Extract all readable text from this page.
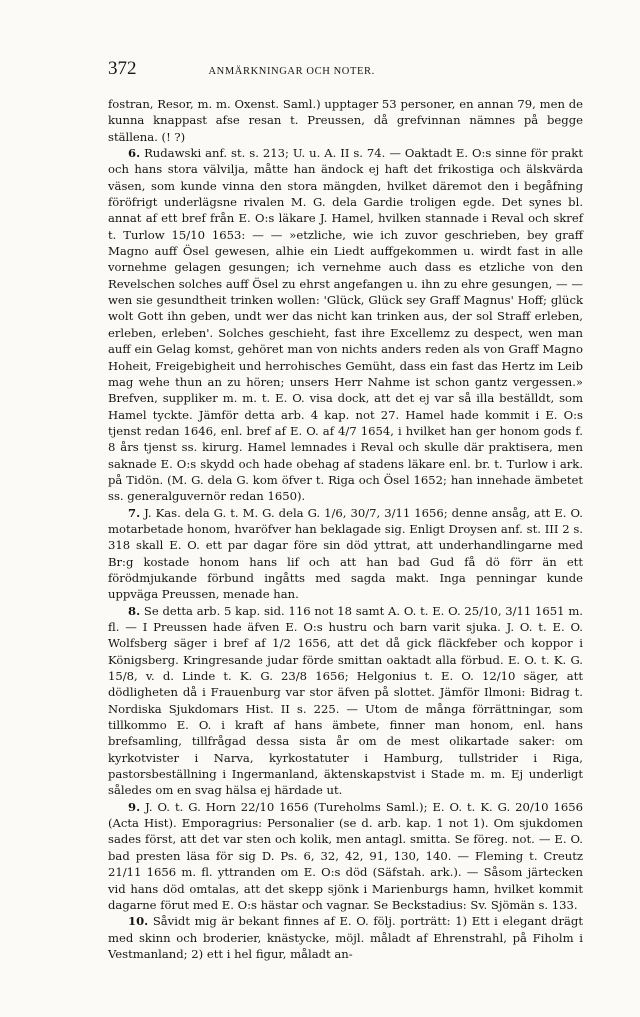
372	ANMÄRKNINGAR OCH NOTER.

fostran, Resor, m. m. Oxenst. Saml.) upptager 53 personer, en annan 79, men de kunna knappast afse resan t. Preussen, då grefvinnan nämnes på begge ställena. (! ?)

6. Rudawski anf. st. s. 213; U. u. A. II s. 74. — Oaktadt E. O:s sinne för prakt och hans stora välvilja, måtte han ändock ej haft det frikostiga och älskvärda väsen, som kunde vinna den stora mängden, hvilket däremot den i begåfning föröfrigt underlägsne rivalen M. G. dela Gardie troligen egde. Det synes bl. annat af ett bref från E. O:s läkare J. Hamel, hvilken stannade i Reval och skref t. Turlow 15/10 1653: — — »etzliche, wie ich zuvor geschrieben, bey graff Magno auff Ösel gewesen, alhie ein Liedt auffgekommen u. wirdt fast in alle vornehme gelagen gesungen; ich vernehme auch dass es etzliche von den Revelschen solches auff Ösel zu ehrst angefangen u. ihn zu ehre gesungen, — — wen sie gesundtheit trinken wollen: 'Glück, Glück sey Graff Magnus' Hoff; glück wolt Gott ihn geben, undt wer das nicht kan trinken aus, der sol Straff erleben, erleben, erleben'. Solches geschieht, fast ihre Excellemz zu despect, wen man auff ein Gelag komst, gehöret man von nichts anders reden als von Graff Magno Hoheit, Freigebigheit und herrohisches Gemüht, dass ein fast das Hertz im Leib mag wehe thun an zu hören; unsers Herr Nahme ist schon gantz vergessen.» Brefven, suppliker m. m. t. E. O. visa dock, att det ej var så illa beställdt, som Hamel tyckte. Jämför detta arb. 4 kap. not 27. Hamel hade kommit i E. O:s tjenst redan 1646, enl. bref af E. O. af 4/7 1654, i hvilket han ger honom gods f. 8 års tjenst ss. kirurg. Hamel lemnades i Reval och skulle där praktisera, men saknade E. O:s skydd och hade obehag af stadens läkare enl. br. t. Turlow i ark. på Tidön. (M. G. dela G. kom öfver t. Riga och Ösel 1652; han innehade ämbetet ss. generalguvernör redan 1650).

7. J. Kas. dela G. t. M. G. dela G. 1/6, 30/7, 3/11 1656; denne ansåg, att E. O. motarbetade honom, hvaröfver han beklagade sig. Enligt Droysen anf. st. III 2 s. 318 skall E. O. ett par dagar före sin död yttrat, att underhandlingarne med Br:g kostade honom hans lif och att han bad Gud få dö förr än ett förödmjukande förbund ingåtts med sagda makt. Inga penningar kunde uppväga Preussen, menade han.

8. Se detta arb. 5 kap. sid. 116 not 18 samt A. O. t. E. O. 25/10, 3/11 1651 m. fl. — I Preussen hade äfven E. O:s hustru och barn varit sjuka. J. O. t. E. O. Wolfsberg säger i bref af 1/2 1656, att det då gick fläckfeber och koppor i Königsberg. Kringresande judar förde smittan oaktadt alla förbud. E. O. t. K. G. 15/8, v. d. Linde t. K. G. 23/8 1656; Helgonius t. E. O. 12/10 säger, att dödligheten då i Frauenburg var stor äfven på slottet. Jämför Ilmoni: Bidrag t. Nordiska Sjukdomars Hist. II s. 225. — Utom de många förrättningar, som tillkommo E. O. i kraft af hans ämbete, finner man honom, enl. hans brefsamling, tillfrågad dessa sista år om de mest olikartade saker: om kyrkotvister i Narva, kyrkostatuter i Hamburg, tullstrider i Riga, pastorsbeställning i Ingermanland, äktenskapstvist i Stade m. m. Ej underligt således om en svag hälsa ej härdade ut.

9. J. O. t. G. Horn 22/10 1656 (Tureholms Saml.); E. O. t. K. G. 20/10 1656 (Acta Hist). Emporagrius: Personalier (se d. arb. kap. 1 not 1). Om sjukdomen sades först, att det var sten och kolik, men antagl. smitta. Se föreg. not. — E. O. bad presten läsa för sig D. Ps. 6, 32, 42, 91, 130, 140. — Fleming t. Creutz 21/11 1656 m. fl. yttranden om E. O:s död (Säfstah. ark.). — Såsom järtecken vid hans död omtalas, att det skepp sjönk i Marienburgs hamn, hvilket kommit dagarne förut med E. O:s hästar och vagnar. Se Beckstadius: Sv. Sjömän s. 133.

10. Såvidt mig är bekant finnes af E. O. följ. porträtt: 1) Ett i elegant drägt med skinn och broderier, knästycke, möjl. måladt af Ehrenstrahl, på Fiholm i Vestmanland; 2) ett i hel figur, måladt an-
